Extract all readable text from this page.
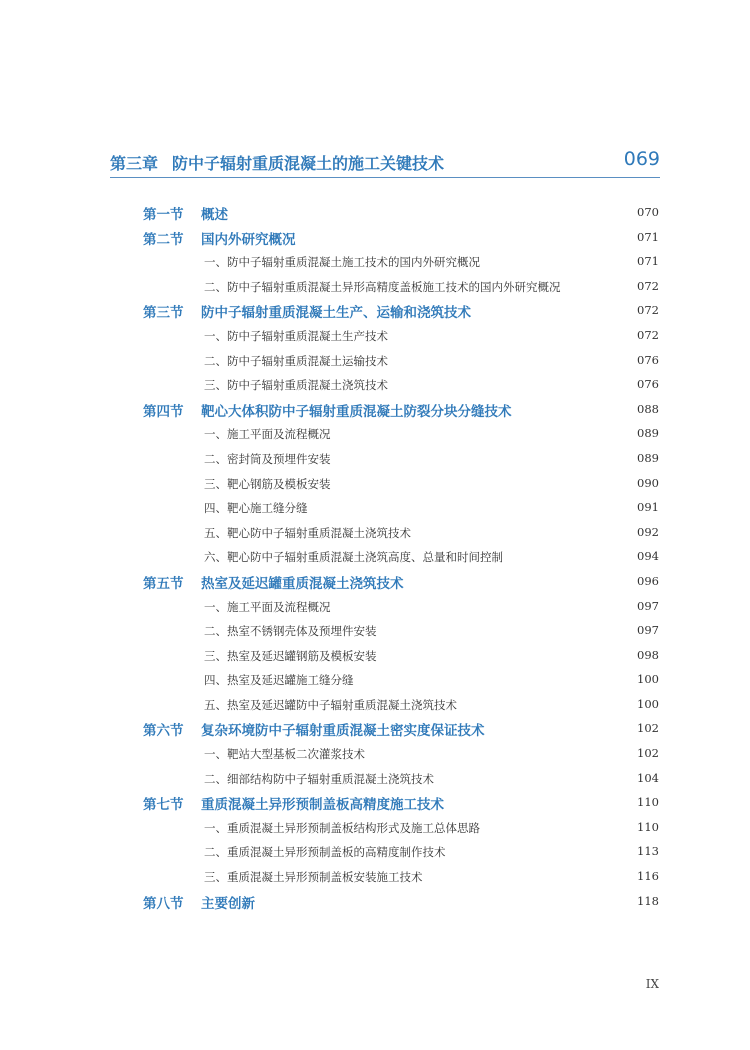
第三章 防中子辐射重质混凝土的施工关键技术	069
第一节 概述	070
第二节 国内外研究概况	071
一、防中子辐射重质混凝土施工技术的国内外研究概况	071
二、防中子辐射重质混凝土异形高精度盖板施工技术的国内外研究概况	072
第三节 防中子辐射重质混凝土生产、运输和浇筑技术	072
一、防中子辐射重质混凝土生产技术	072
二、防中子辐射重质混凝土运输技术	076
三、防中子辐射重质混凝土浇筑技术	076
第四节 靶心大体积防中子辐射重质混凝土防裂分块分缝技术	088
一、施工平面及流程概况	089
二、密封筒及预埋件安装	089
三、靶心钢筋及模板安装	090
四、靶心施工缝分缝	091
五、靶心防中子辐射重质混凝土浇筑技术	092
六、靶心防中子辐射重质混凝土浇筑高度、总量和时间控制	094
第五节 热室及延迟罐重质混凝土浇筑技术	096
一、施工平面及流程概况	097
二、热室不锈钢壳体及预埋件安装	097
三、热室及延迟罐钢筋及模板安装	098
四、热室及延迟罐施工缝分缝	100
五、热室及延迟罐防中子辐射重质混凝土浇筑技术	100
第六节 复杂环境防中子辐射重质混凝土密实度保证技术	102
一、靶站大型基板二次灌浆技术	102
二、细部结构防中子辐射重质混凝土浇筑技术	104
第七节 重质混凝土异形预制盖板高精度施工技术	110
一、重质混凝土异形预制盖板结构形式及施工总体思路	110
二、重质混凝土异形预制盖板的高精度制作技术	113
三、重质混凝土异形预制盖板安装施工技术	116
第八节 主要创新	118
IX
